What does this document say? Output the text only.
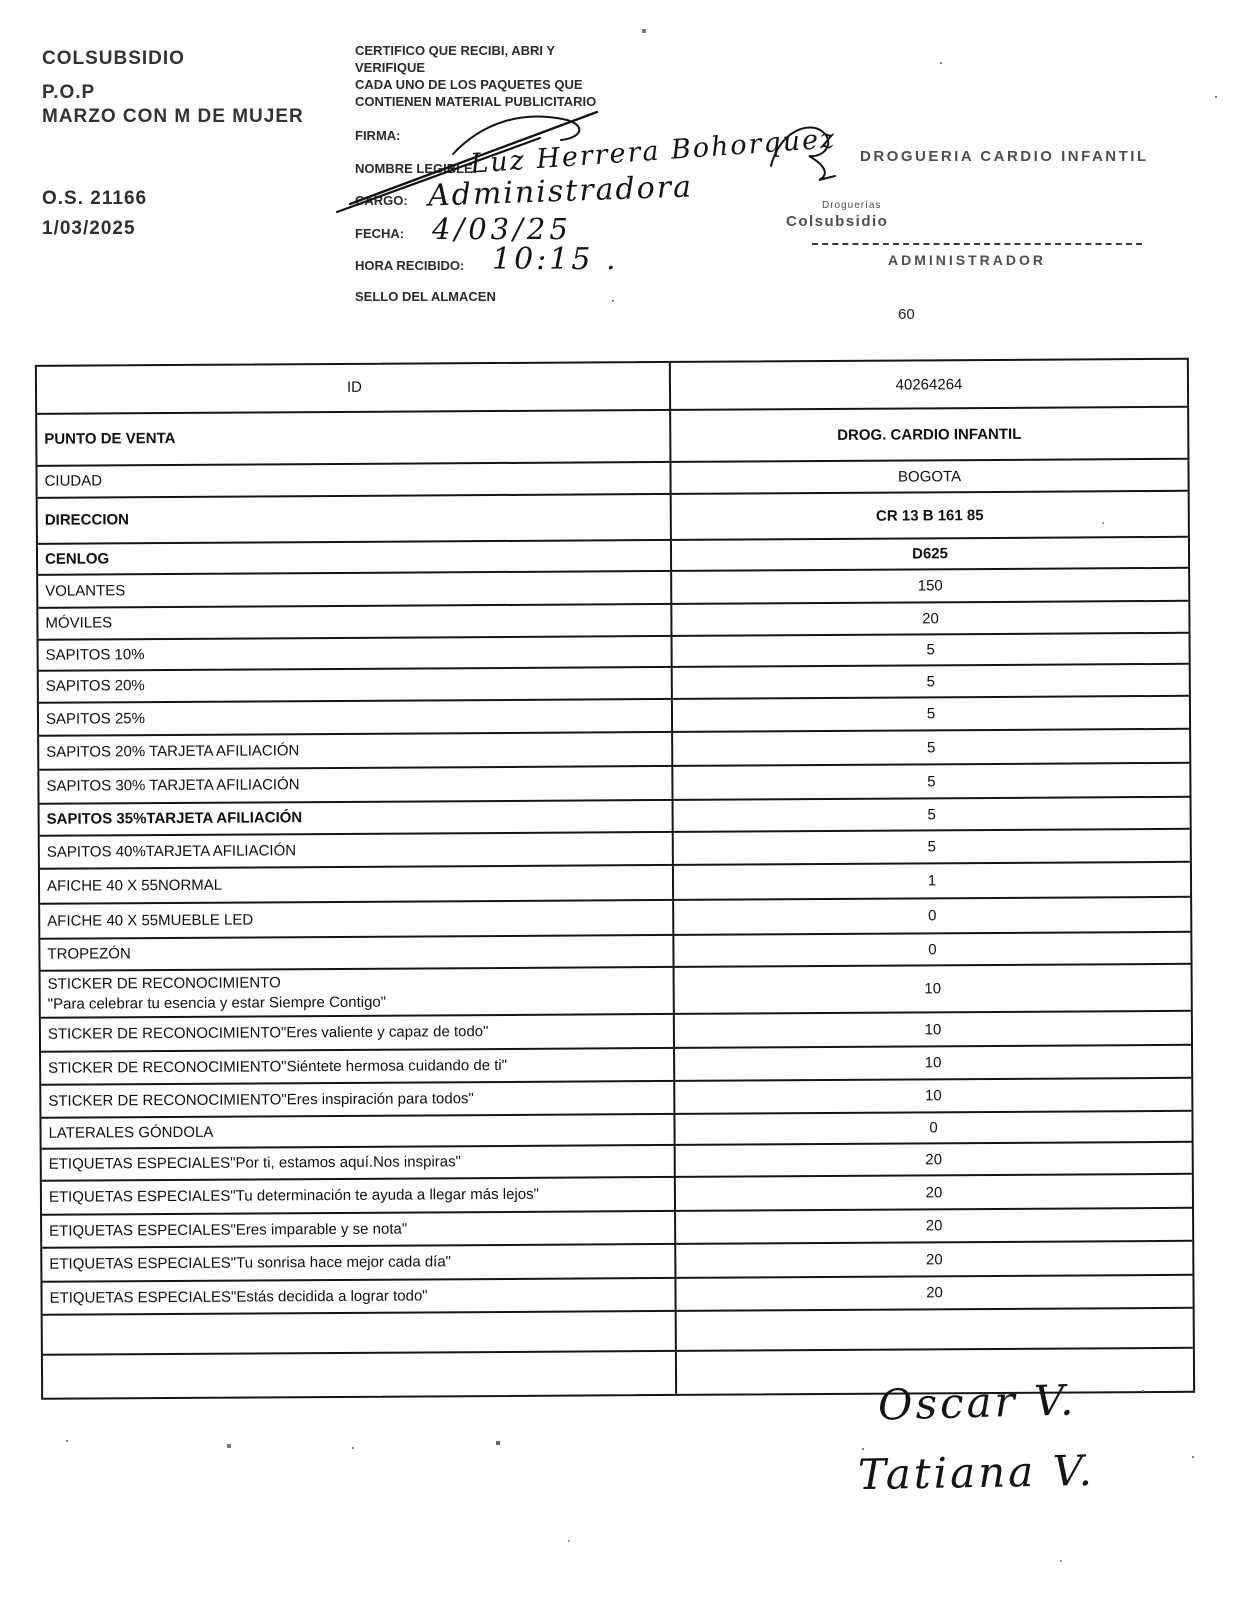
COLSUBSIDIO
P.O.P
MARZO CON M DE MUJER
O.S. 21166
1/03/2025
CERTIFICO QUE RECIBI, ABRI Y
VERIFIQUE
CADA UNO DE LOS PAQUETES QUE
CONTIENEN MATERIAL PUBLICITARIO
FIRMA:
NOMBRE LEGIBLE:
CARGO:
FECHA:
HORA RECIBIDO:
SELLO DEL ALMACEN
Luz Herrera Bohorquez
Administradora
4/03/25
10:15 .
DROGUERIA CARDIO INFANTIL
Droguerías
Colsubsidio
ADMINISTRADOR
60
ID	40264264
PUNTO DE VENTA	DROG. CARDIO INFANTIL
CIUDAD	BOGOTA
DIRECCION	CR 13 B 161 85
CENLOG	D625
VOLANTES	150
MÓVILES	20
SAPITOS 10%	5
SAPITOS 20%	5
SAPITOS 25%	5
SAPITOS 20% TARJETA AFILIACIÓN	5
SAPITOS 30% TARJETA AFILIACIÓN	5
SAPITOS 35%TARJETA AFILIACIÓN	5
SAPITOS 40%TARJETA AFILIACIÓN	5
AFICHE 40 X 55NORMAL	1
AFICHE 40 X 55MUEBLE LED	0
TROPEZÓN	0
STICKER DE RECONOCIMIENTO
"Para celebrar tu esencia y estar Siempre Contigo"
10
STICKER DE RECONOCIMIENTO"Eres valiente y capaz de todo"	10
STICKER DE RECONOCIMIENTO"Siéntete hermosa cuidando de ti"	10
STICKER DE RECONOCIMIENTO"Eres inspiración para todos"	10
LATERALES GÓNDOLA	0
ETIQUETAS ESPECIALES"Por ti, estamos aquí.Nos inspiras"	20
ETIQUETAS ESPECIALES"Tu determinación te ayuda a llegar más lejos"	20
ETIQUETAS ESPECIALES"Eres imparable y se nota"	20
ETIQUETAS ESPECIALES"Tu sonrisa hace mejor cada día"	20
ETIQUETAS ESPECIALES"Estás decidida a lograr todo"	20
Oscar V.
Tatiana V.
